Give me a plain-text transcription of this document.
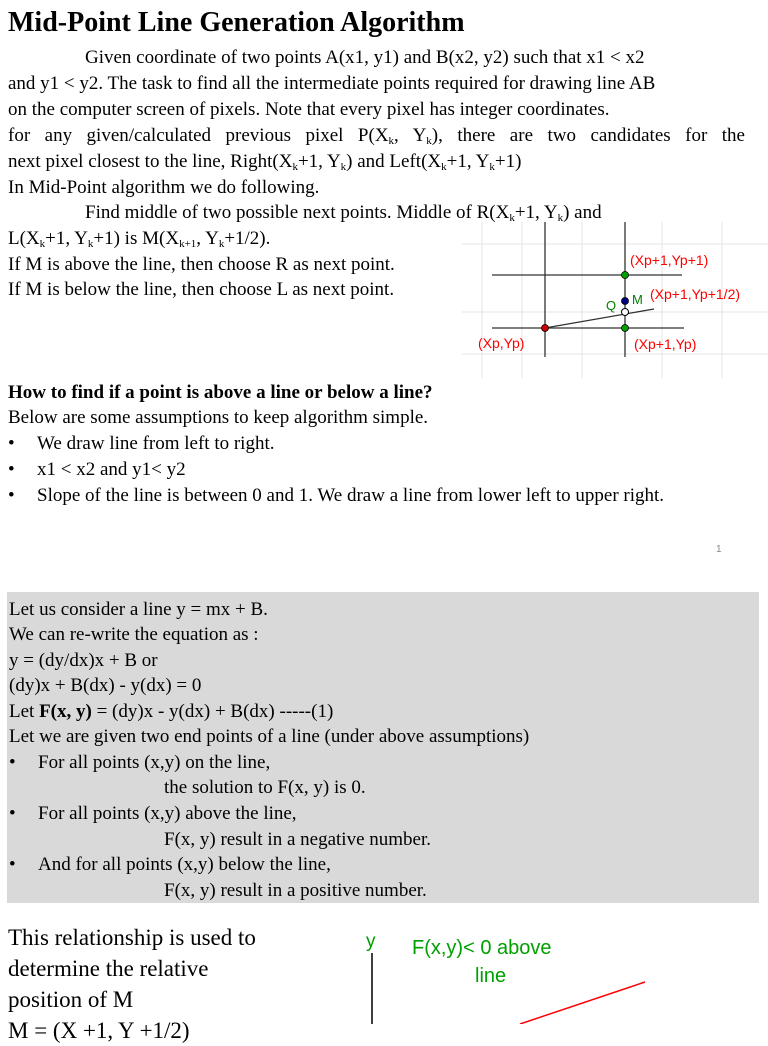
Mid-Point Line Generation Algorithm
Given coordinate of two points A(x1, y1) and B(x2, y2) such that x1 < x2
and y1 < y2. The task to find all the intermediate points required for drawing line AB
on the computer screen of pixels. Note that every pixel has integer coordinates.
for any given/calculated previous pixel $P(X_k$, $Y_k$), there are two candidates for the
next pixel closest to the line, $Right(X_k+1$, $Y_k$) and $Left(X_k+1$, $Y_k+1$)
In Mid-Point algorithm we do following.
Find middle of two possible next points. Middle of $R(X_k+1$, $Y_k$) and
$L(X_k+1$, $Y_k+1$) is $M(X_{k+1}$, $Y_k+1/2$).
If M is above the line, then choose R as next point.
If M is below the line, then choose L as next point.
(Xp+1,Yp+1)
(Xp+1,Yp+1/2)
M
Q
(Xp,Yp)	(Xp+1,Yp)
How to find if a point is above a line or below a line?
Below are some assumptions to keep algorithm simple.
• We draw line from left to right.
• x1 < x2 and y1< y2
• Slope of the line is between 0 and 1. We draw a line from lower left to upper right.
1
Let us consider a line y = mx + B.
We can re-write the equation as :
y = (dy/dx)x + B or
(dy)x + B(dx) - y(dx) = 0
Let F(x, y) = (dy)x - y(dx) + B(dx) -----(1)
Let we are given two end points of a line (under above assumptions)
• For all points (x,y) on the line,
the solution to F(x, y) is 0.
• For all points (x,y) above the line,
F(x, y) result in a negative number.
• And for all points (x,y) below the line,
F(x, y) result in a positive number.
This relationship is used to
determine the relative
position of M
M = (X +1, Y +1/2)
y F(x,y)< 0 above
line
